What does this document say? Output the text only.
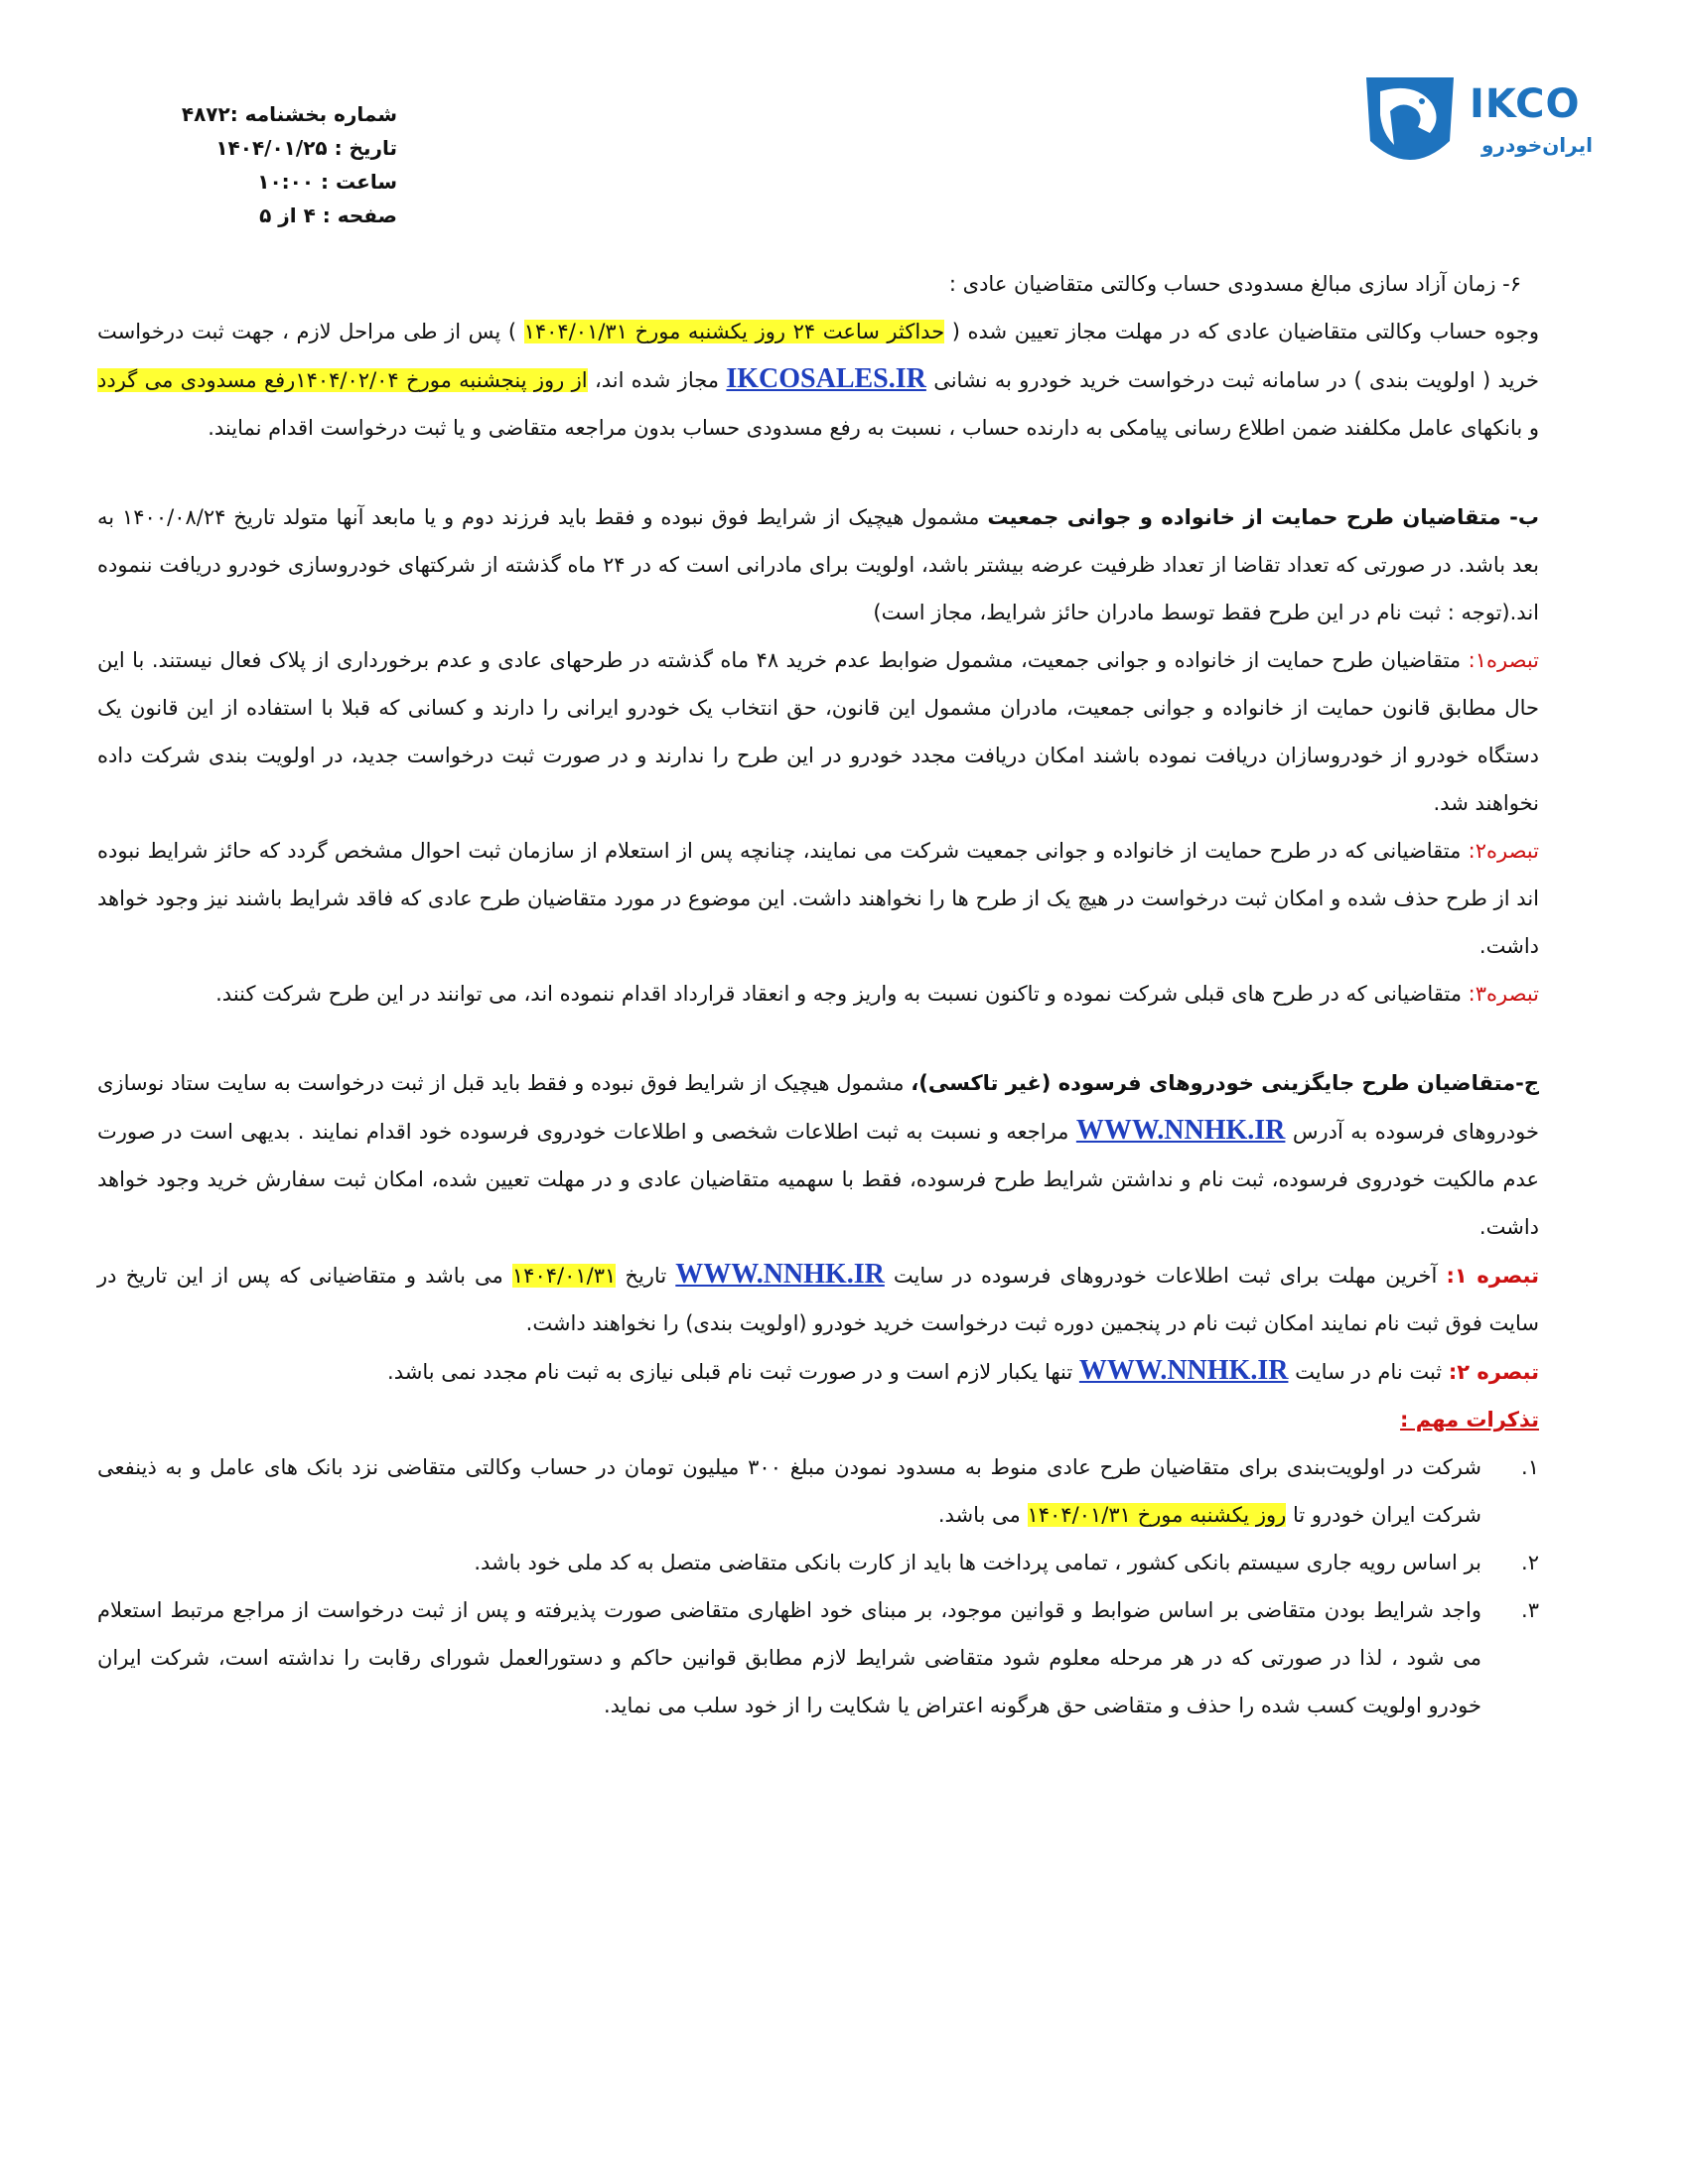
شماره بخشنامه :۴۸۷۲
تاریخ : ۱۴۰۴/۰۱/۲۵
ساعت : ۱۰:۰۰
صفحه : ۴ از ۵
IKCO
ایران‌خودرو

۶- زمان آزاد سازی مبالغ مسدودی حساب وکالتی متقاضیان عادی :

وجوه حساب وکالتی متقاضیان عادی که در مهلت مجاز تعیین شده ( حداکثر ساعت ۲۴ روز یکشنبه مورخ ۱۴۰۴/۰۱/۳۱ ) پس از طی مراحل لازم ، جهت ثبت درخواست خرید ( اولویت بندی ) در سامانه ثبت درخواست خرید خودرو به نشانی IKCOSALES.IR مجاز شده اند، از روز پنجشنبه مورخ ۱۴۰۴/۰۲/۰۴رفع مسدودی می گردد و بانکهای عامل مکلفند ضمن اطلاع رسانی پیامکی به دارنده حساب ، نسبت به رفع مسدودی حساب بدون مراجعه متقاضی و یا ثبت درخواست اقدام نمایند.

ب- متقاضیان طرح حمایت از خانواده و جوانی جمعیت مشمول هیچیک از شرایط فوق نبوده و فقط باید فرزند دوم و یا مابعد آنها متولد تاریخ ۱۴۰۰/۰۸/۲۴ به بعد باشد. در صورتی که تعداد تقاضا از تعداد ظرفیت عرضه بیشتر باشد، اولویت برای مادرانی است که در ۲۴ ماه گذشته از شرکتهای خودروسازی خودرو دریافت ننموده اند.(توجه : ثبت نام در این طرح فقط توسط مادران حائز شرایط، مجاز است)

تبصره۱: متقاضیان طرح حمایت از خانواده و جوانی جمعیت، مشمول ضوابط عدم خرید ۴۸ ماه گذشته در طرحهای عادی و عدم برخورداری از پلاک فعال نیستند. با این حال مطابق قانون حمایت از خانواده و جوانی جمعیت، مادران مشمول این قانون، حق انتخاب یک خودرو ایرانی را دارند و کسانی که قبلا با استفاده از این قانون یک دستگاه خودرو از خودروسازان دریافت نموده باشند امکان دریافت مجدد خودرو در این طرح را ندارند و در صورت ثبت درخواست جدید، در اولویت بندی شرکت داده نخواهند شد.

تبصره۲: متقاضیانی که در طرح حمایت از خانواده و جوانی جمعیت شرکت می نمایند، چنانچه پس از استعلام از سازمان ثبت احوال مشخص گردد که حائز شرایط نبوده اند از طرح حذف شده و امکان ثبت درخواست در هیچ یک از طرح ها را نخواهند داشت. این موضوع در مورد متقاضیان طرح عادی که فاقد شرایط باشند نیز وجود خواهد داشت.

تبصره۳: متقاضیانی که در طرح های قبلی شرکت نموده و تاکنون نسبت به واریز وجه و انعقاد قرارداد اقدام ننموده اند، می توانند در این طرح شرکت کنند.

ج-متقاضیان طرح جایگزینی خودروهای فرسوده (غیر تاکسی)، مشمول هیچیک از شرایط فوق نبوده و فقط باید قبل از ثبت درخواست به سایت ستاد نوسازی خودروهای فرسوده به آدرس WWW.NNHK.IR مراجعه و نسبت به ثبت اطلاعات شخصی و اطلاعات خودروی فرسوده خود اقدام نمایند . بدیهی است در صورت عدم مالکیت خودروی فرسوده، ثبت نام و نداشتن شرایط طرح فرسوده، فقط با سهمیه متقاضیان عادی و در مهلت تعیین شده، امکان ثبت سفارش خرید وجود خواهد داشت.

تبصره ۱: آخرین مهلت برای ثبت اطلاعات خودروهای فرسوده در سایت WWW.NNHK.IR تاریخ ۱۴۰۴/۰۱/۳۱ می باشد و متقاضیانی که پس از این تاریخ در سایت فوق ثبت نام نمایند امکان ثبت نام در پنجمین دوره ثبت درخواست خرید خودرو (اولویت بندی) را نخواهند داشت.

تبصره ۲: ثبت نام در سایت WWW.NNHK.IR تنها یکبار لازم است و در صورت ثبت نام قبلی نیازی به ثبت نام مجدد نمی باشد.

تذکرات مهم :

۱.
شرکت در اولویت‌بندی برای متقاضیان طرح عادی منوط به مسدود نمودن مبلغ ۳۰۰ میلیون تومان در حساب وکالتی متقاضی نزد بانک های عامل و به ذینفعی شرکت ایران خودرو تا روز یکشنبه مورخ ۱۴۰۴/۰۱/۳۱ می باشد.
۲.
بر اساس رویه جاری سیستم بانکی کشور ، تمامی پرداخت ها باید از کارت بانکی متقاضی متصل به کد ملی خود باشد.
۳.
واجد شرایط بودن متقاضی بر اساس ضوابط و قوانین موجود، بر مبنای خود اظهاری متقاضی صورت پذیرفته و پس از ثبت درخواست از مراجع مرتبط استعلام می شود ، لذا در صورتی که در هر مرحله معلوم شود متقاضی شرایط لازم مطابق قوانین حاکم و دستورالعمل شورای رقابت را نداشته است، شرکت ایران خودرو اولویت کسب شده را حذف و متقاضی حق هرگونه اعتراض یا شکایت را از خود سلب می نماید.
